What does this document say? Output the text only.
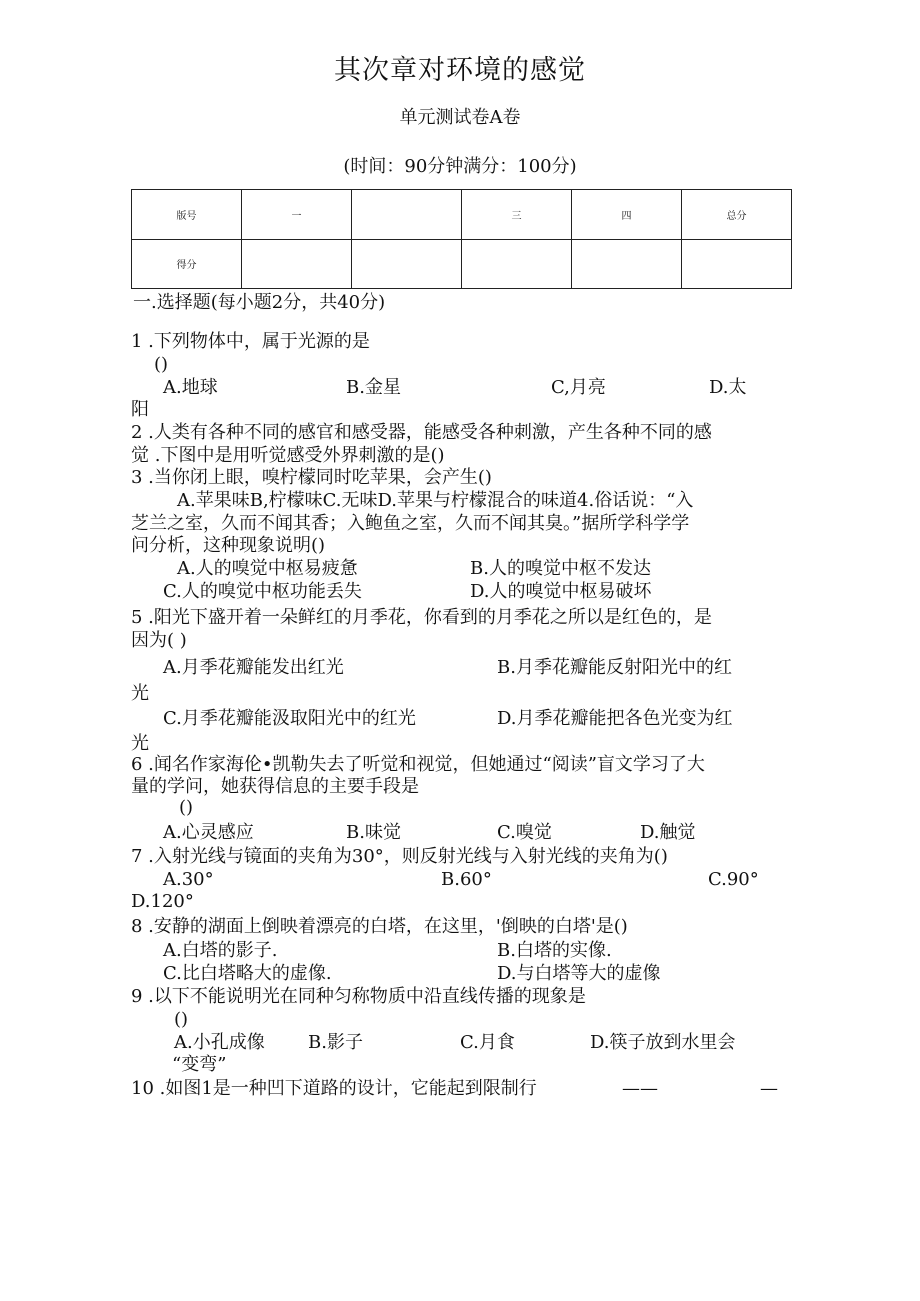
其次章对环境的感觉
单元测试卷A卷
(时间：90分钟满分：100分)
版号	一		三	四	总分
得分					
一.选择题(每小题2分，共40分)
1 .下列物体中，属于光源的是
()
A.地球	B.金星	C,月亮	D.太
阳
2 .人类有各种不同的感官和感受器，能感受各种刺激，产生各种不同的感
觉 .下图中是用听觉感受外界刺激的是()
3 .当你闭上眼，嗅柠檬同时吃苹果，会产生()
A.苹果味B,柠檬味C.无味D.苹果与柠檬混合的味道4.俗话说：“入
芝兰之室，久而不闻其香；入鲍鱼之室，久而不闻其臭。”据所学科学学
问分析，这种现象说明()
A.人的嗅觉中枢易疲惫	B.人的嗅觉中枢不发达
C.人的嗅觉中枢功能丢失	D.人的嗅觉中枢易破坏
5 .阳光下盛开着一朵鲜红的月季花，你看到的月季花之所以是红色的，是
因为( )
A.月季花瓣能发出红光	B.月季花瓣能反射阳光中的红
光
C.月季花瓣能汲取阳光中的红光	D.月季花瓣能把各色光变为红
光
6 .闻名作家海伦•凯勒失去了听觉和视觉，但她通过“阅读”盲文学习了大
量的学问，她获得信息的主要手段是
()
A.心灵感应	B.味觉	C.嗅觉	D.触觉
7 .入射光线与镜面的夹角为30°，则反射光线与入射光线的夹角为()
A.30°	B.60°	C.90°
D.120°
8 .安静的湖面上倒映着漂亮的白塔，在这里，'倒映的白塔'是()
A.白塔的影子.	B.白塔的实像.
C.比白塔略大的虚像.	D.与白塔等大的虚像
9 .以下不能说明光在同种匀称物质中沿直线传播的现象是
()
A.小孔成像 B.影子	C.月食	D.筷子放到水里会
“变弯”
10 .如图1是一种凹下道路的设计，它能起到限制行	——	—
